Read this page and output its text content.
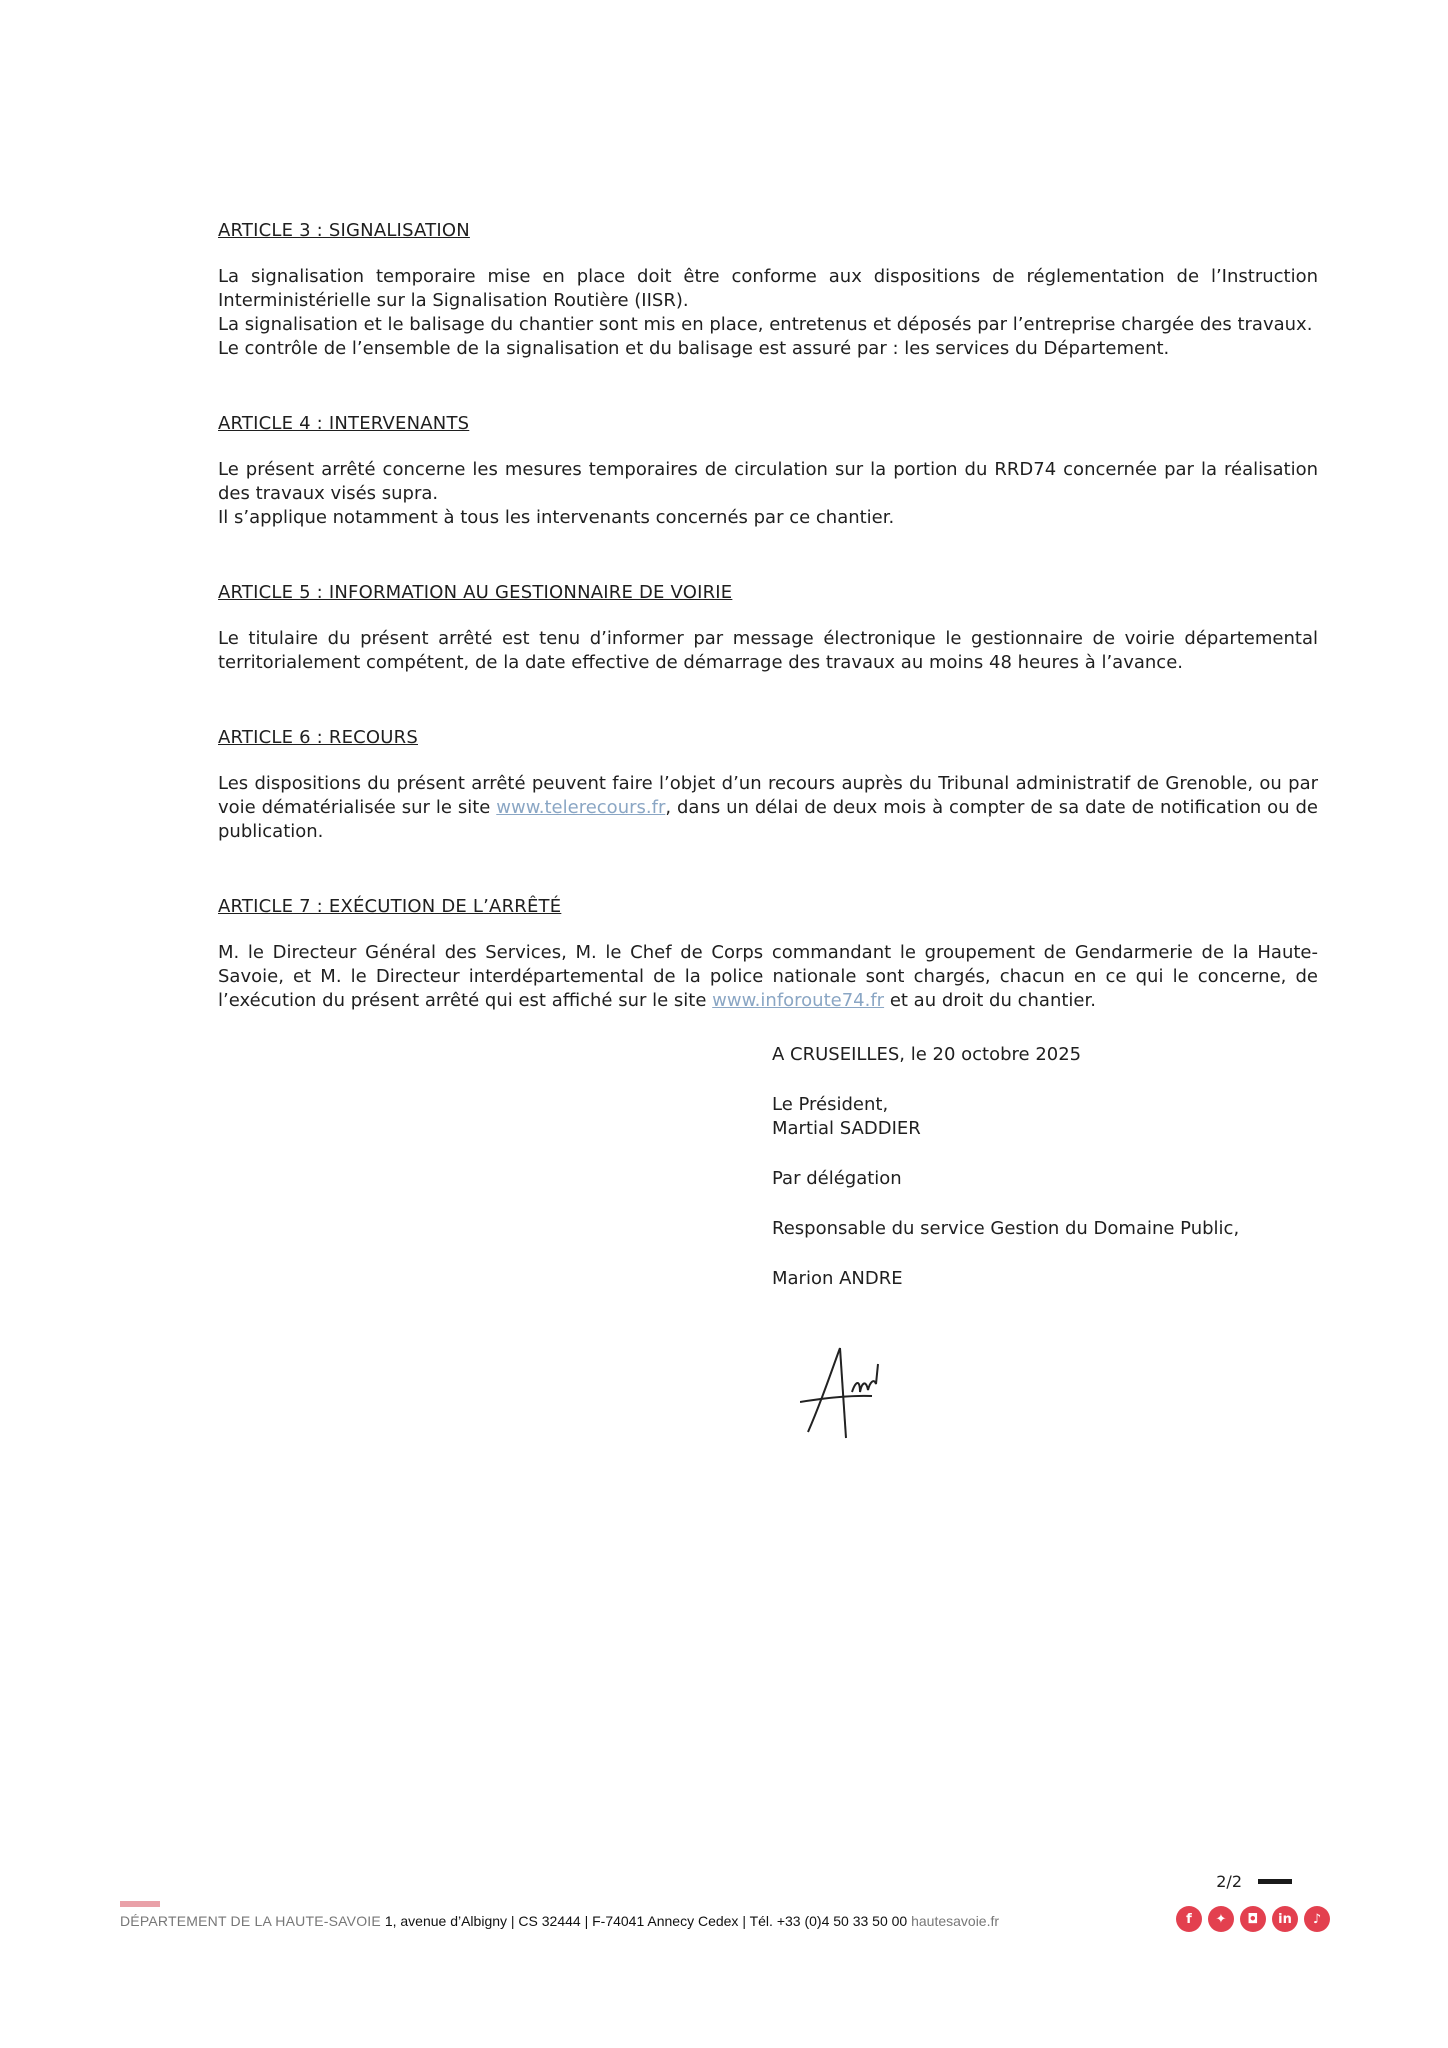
ARTICLE 3 : SIGNALISATION

La signalisation temporaire mise en place doit être conforme aux dispositions de réglementation de l’Instruction Interministérielle sur la Signalisation Routière (IISR).

La signalisation et le balisage du chantier sont mis en place, entretenus et déposés par l’entreprise chargée des travaux.

Le contrôle de l’ensemble de la signalisation et du balisage est assuré par : les services du Département.

ARTICLE 4 : INTERVENANTS

Le présent arrêté concerne les mesures temporaires de circulation sur la portion du RRD74 concernée par la réalisation des travaux visés supra.

Il s’applique notamment à tous les intervenants concernés par ce chantier.

ARTICLE 5 : INFORMATION AU GESTIONNAIRE DE VOIRIE

Le titulaire du présent arrêté est tenu d’informer par message électronique le gestionnaire de voirie départemental territorialement compétent, de la date effective de démarrage des travaux au moins 48 heures à l’avance.

ARTICLE 6 : RECOURS

Les dispositions du présent arrêté peuvent faire l’objet d’un recours auprès du Tribunal administratif de Grenoble, ou par voie dématérialisée sur le site www.telerecours.fr, dans un délai de deux mois à compter de sa date de notification ou de publication.

ARTICLE 7 : EXÉCUTION DE L’ARRÊTÉ

M. le Directeur Général des Services, M. le Chef de Corps commandant le groupement de Gendarmerie de la Haute-Savoie, et M. le Directeur interdépartemental de la police nationale sont chargés, chacun en ce qui le concerne, de l’exécution du présent arrêté qui est affiché sur le site www.inforoute74.fr et au droit du chantier.

A CRUSEILLES, le 20 octobre 2025
Le Président,
Martial SADDIER
Par délégation
Responsable du service Gestion du Domaine Public,
Marion ANDRE
2/2
DÉPARTEMENT DE LA HAUTE-SAVOIE 1, avenue d’Albigny | CS 32444 | F-74041 Annecy Cedex | Tél. +33 (0)4 50 33 50 00 hautesavoie.fr	f	✦	◘	in	♪
